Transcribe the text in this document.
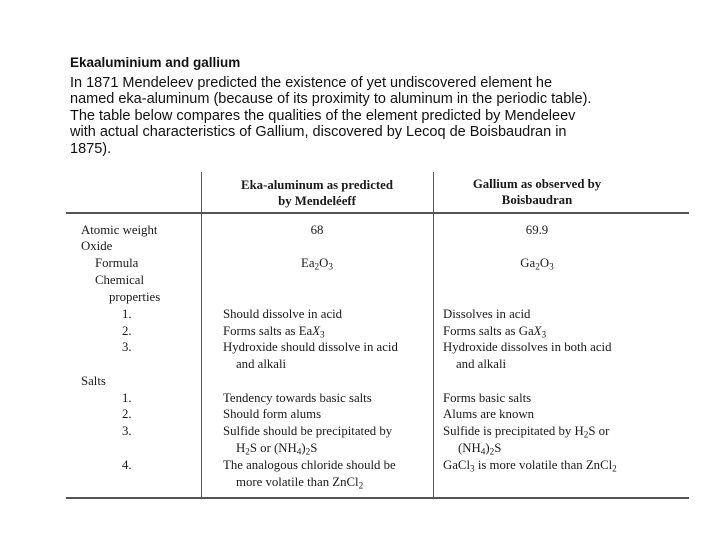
Ekaaluminium and gallium
In 1871 Mendeleev predicted the existence of yet undiscovered element he
named eka-aluminum (because of its proximity to aluminum in the periodic table).
The table below compares the qualities of the element predicted by Mendeleev
with actual characteristics of Gallium, discovered by Lecoq de Boisbaudran in
1875).
Eka-aluminum as predicted
by Mendeléeff
Gallium as observed by
Boisbaudran
Atomic weight
Oxide
Formula
Chemical
properties
1.
2.
3.
Salts
1.
2.
3.
4.
68	69.9
$Ea_2O_3$	$Ga_2O_3$
Should dissolve in acid
Forms salts as EaX$_3$
Hydroxide should dissolve in acid
and alkali
Dissolves in acid
Forms salts as GaX$_3$
Hydroxide dissolves in both acid
and alkali
Tendency towards basic salts
Should form alums
Sulfide should be precipitated by
$H_2S$ or $(NH_4)_2S$
The analogous chloride should be
more volatile than ZnCl$_2$
Forms basic salts
Alums are known
Sulfide is precipitated by $H_2S$ or
$(NH_4)_2S$
GaCl$_3$ is more volatile than ZnCl$_2$
